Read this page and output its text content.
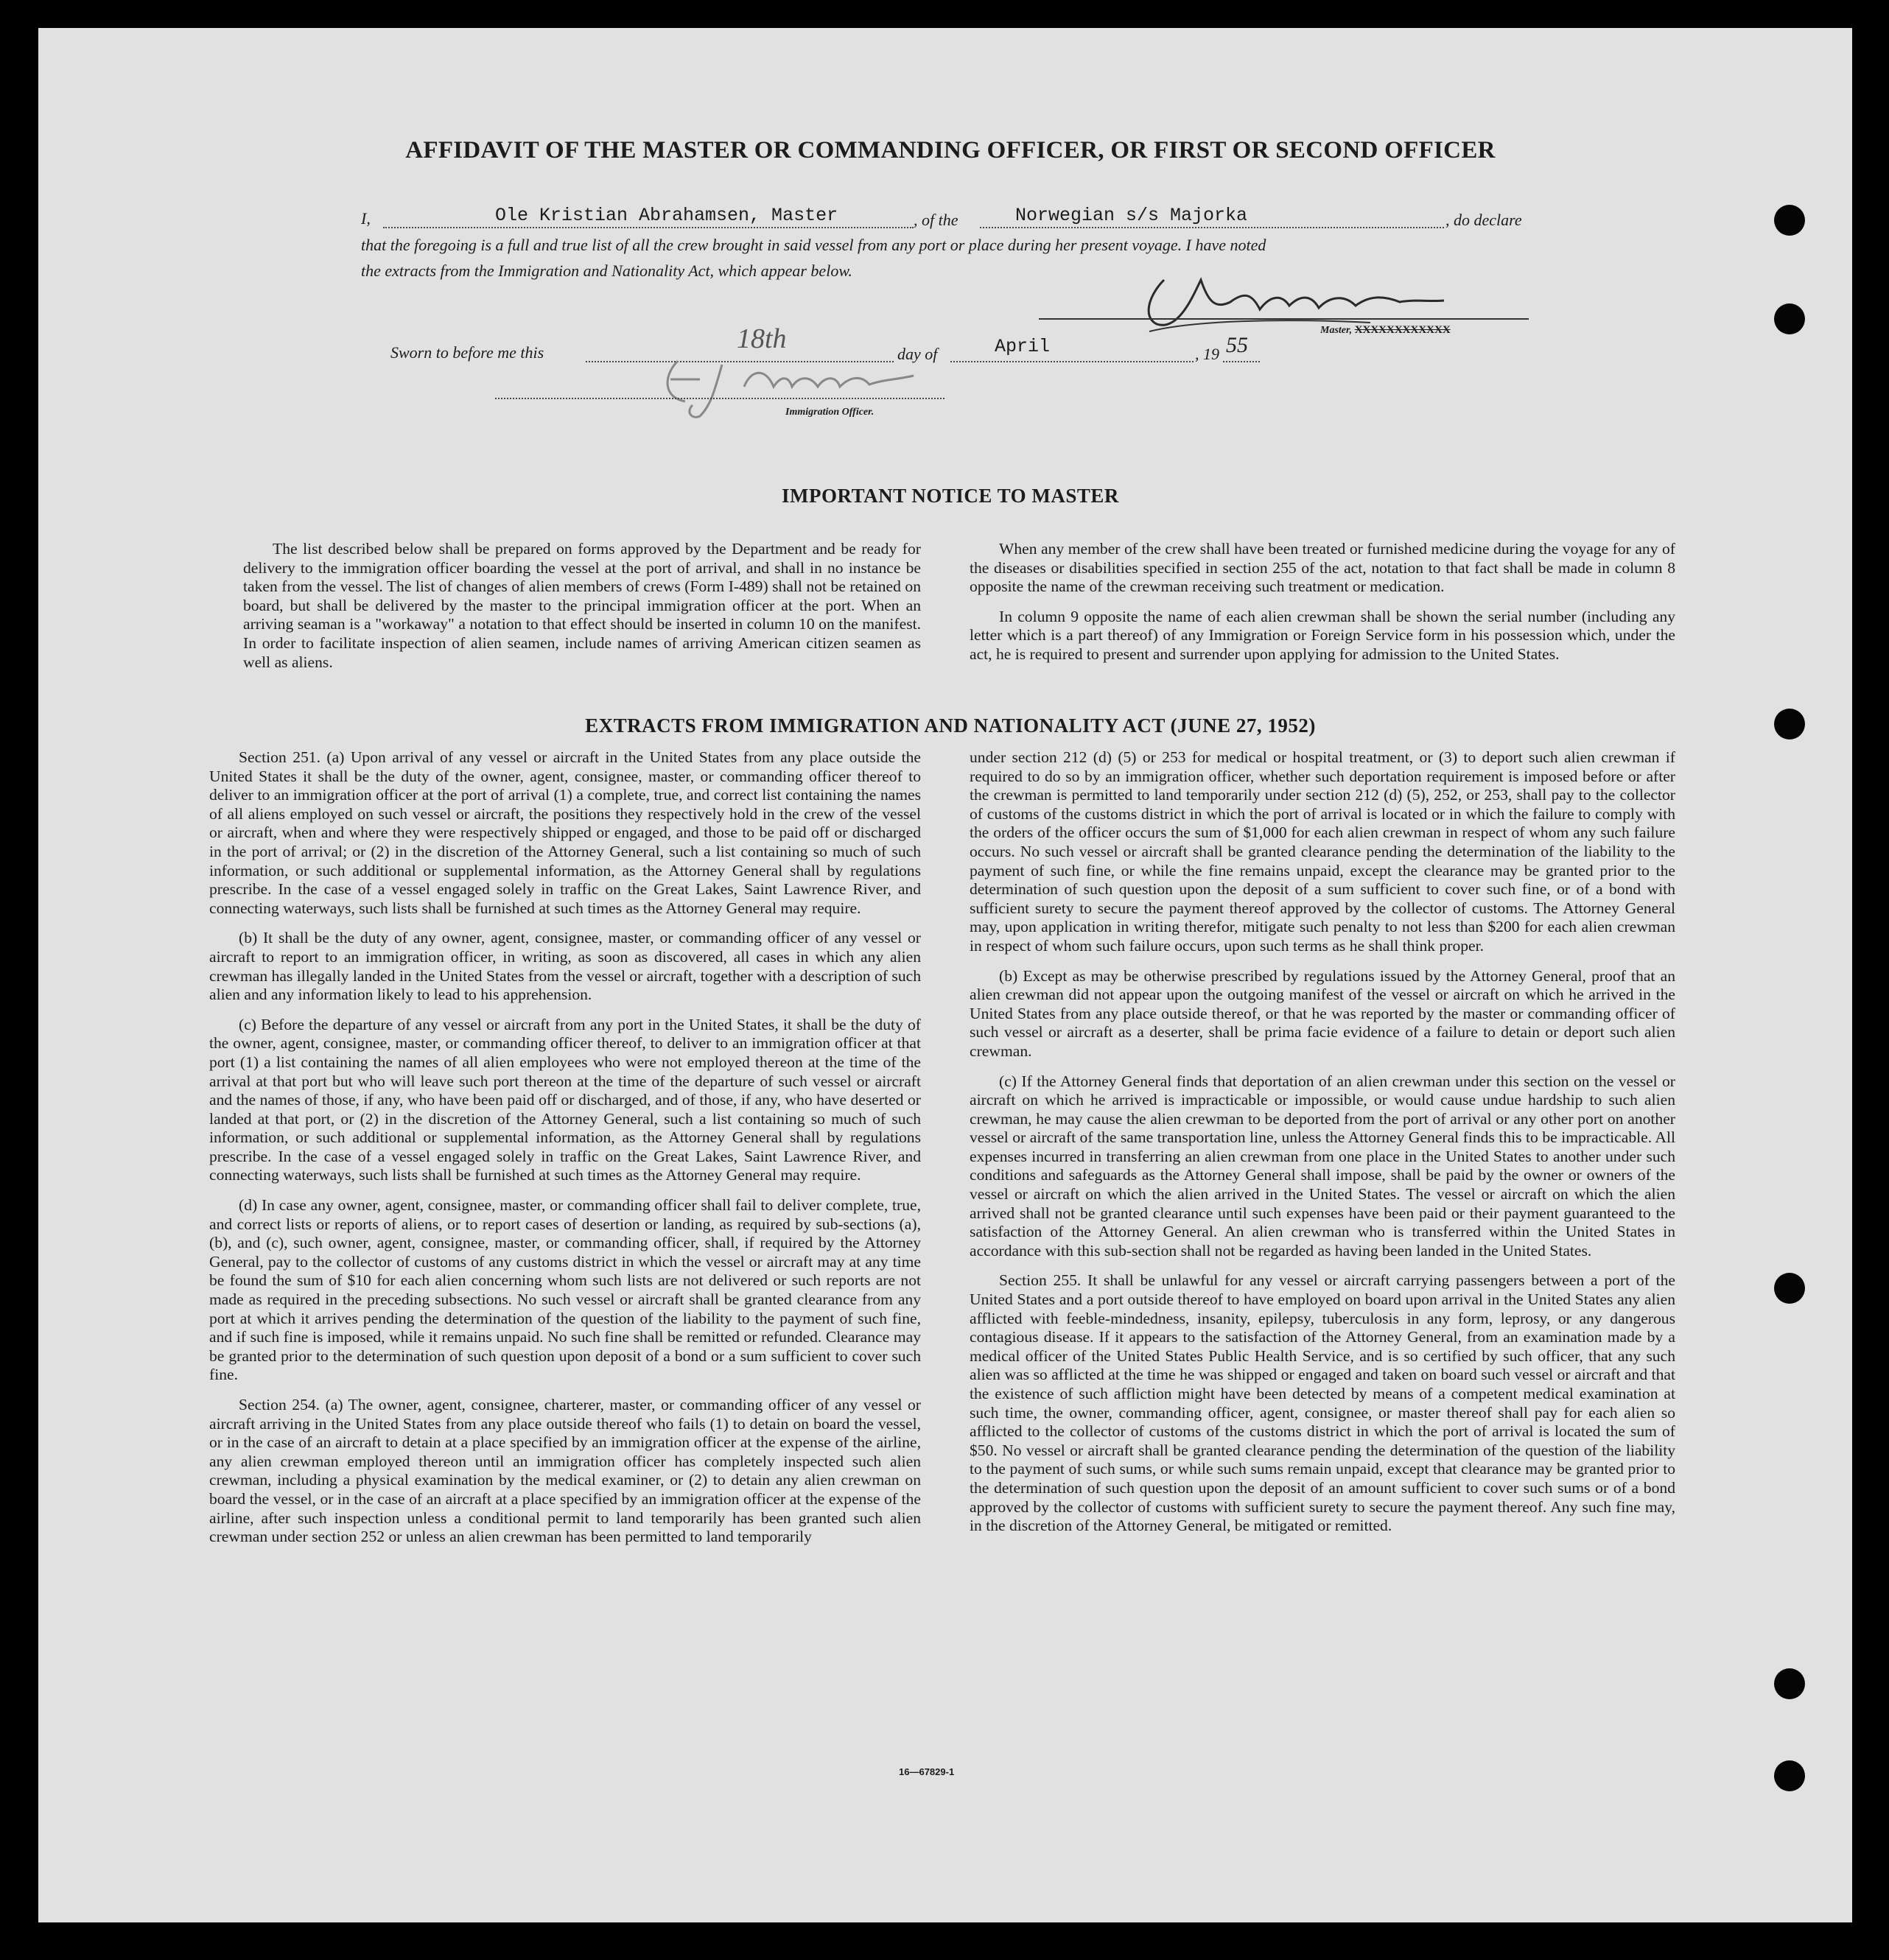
AFFIDAVIT OF THE MASTER OR COMMANDING OFFICER, OR FIRST OR SECOND OFFICER
I,	Ole Kristian Abrahamsen, Master	, of the	Norwegian s/s Majorka	, do declare
that the foregoing is a full and true list of all the crew brought in said vessel from any port or place during her present voyage. I have noted
the extracts from the Immigration and Nationality Act, which appear below.
Master, XXXXXXXXXXXX
Sworn to before me this	18th	day of	April	, 19 55
Immigration Officer.
IMPORTANT NOTICE TO MASTER

The list described below shall be prepared on forms approved by the Department and be ready for delivery to the immigration officer boarding the vessel at the port of arrival, and shall in no instance be taken from the vessel. The list of changes of alien members of crews (Form I-489) shall not be retained on board, but shall be delivered by the master to the principal immigration officer at the port. When an arriving seaman is a "workaway" a notation to that effect should be inserted in column 10 on the manifest. In order to facilitate inspection of alien seamen, include names of arriving American citizen seamen as well as aliens.

When any member of the crew shall have been treated or furnished medicine during the voyage for any of the diseases or disabilities specified in section 255 of the act, notation to that fact shall be made in column 8 opposite the name of the crewman receiving such treatment or medication.

In column 9 opposite the name of each alien crewman shall be shown the serial number (including any letter which is a part thereof) of any Immigration or Foreign Service form in his possession which, under the act, he is required to present and surrender upon applying for admission to the United States.

EXTRACTS FROM IMMIGRATION AND NATIONALITY ACT (JUNE 27, 1952)

Section 251. (a) Upon arrival of any vessel or aircraft in the United States from any place outside the United States it shall be the duty of the owner, agent, consignee, master, or commanding officer thereof to deliver to an immigration officer at the port of arrival (1) a complete, true, and correct list containing the names of all aliens employed on such vessel or aircraft, the positions they respectively hold in the crew of the vessel or aircraft, when and where they were respectively shipped or engaged, and those to be paid off or discharged in the port of arrival; or (2) in the discretion of the Attorney General, such a list containing so much of such information, or such additional or supplemental information, as the Attorney General shall by regulations prescribe. In the case of a vessel engaged solely in traffic on the Great Lakes, Saint Lawrence River, and connecting waterways, such lists shall be furnished at such times as the Attorney General may require.

(b) It shall be the duty of any owner, agent, consignee, master, or commanding officer of any vessel or aircraft to report to an immigration officer, in writing, as soon as discovered, all cases in which any alien crewman has illegally landed in the United States from the vessel or aircraft, together with a description of such alien and any information likely to lead to his apprehension.

(c) Before the departure of any vessel or aircraft from any port in the United States, it shall be the duty of the owner, agent, consignee, master, or commanding officer thereof, to deliver to an immigration officer at that port (1) a list containing the names of all alien employees who were not employed thereon at the time of the arrival at that port but who will leave such port thereon at the time of the departure of such vessel or aircraft and the names of those, if any, who have been paid off or discharged, and of those, if any, who have deserted or landed at that port, or (2) in the discretion of the Attorney General, such a list containing so much of such information, or such additional or supplemental information, as the Attorney General shall by regulations prescribe. In the case of a vessel engaged solely in traffic on the Great Lakes, Saint Lawrence River, and connecting waterways, such lists shall be furnished at such times as the Attorney General may require.

(d) In case any owner, agent, consignee, master, or commanding officer shall fail to deliver complete, true, and correct lists or reports of aliens, or to report cases of desertion or landing, as required by sub-sections (a), (b), and (c), such owner, agent, consignee, master, or commanding officer, shall, if required by the Attorney General, pay to the collector of customs of any customs district in which the vessel or aircraft may at any time be found the sum of $10 for each alien concerning whom such lists are not delivered or such reports are not made as required in the preceding subsections. No such vessel or aircraft shall be granted clearance from any port at which it arrives pending the determination of the question of the liability to the payment of such fine, and if such fine is imposed, while it remains unpaid. No such fine shall be remitted or refunded. Clearance may be granted prior to the determination of such question upon deposit of a bond or a sum sufficient to cover such fine.

Section 254. (a) The owner, agent, consignee, charterer, master, or commanding officer of any vessel or aircraft arriving in the United States from any place outside thereof who fails (1) to detain on board the vessel, or in the case of an aircraft to detain at a place specified by an immigration officer at the expense of the airline, any alien crewman employed thereon until an immigration officer has completely inspected such alien crewman, including a physical examination by the medical examiner, or (2) to detain any alien crewman on board the vessel, or in the case of an aircraft at a place specified by an immigration officer at the expense of the airline, after such inspection unless a conditional permit to land temporarily has been granted such alien crewman under section 252 or unless an alien crewman has been permitted to land temporarily

under section 212 (d) (5) or 253 for medical or hospital treatment, or (3) to deport such alien crewman if required to do so by an immigration officer, whether such deportation requirement is imposed before or after the crewman is permitted to land temporarily under section 212 (d) (5), 252, or 253, shall pay to the collector of customs of the customs district in which the port of arrival is located or in which the failure to comply with the orders of the officer occurs the sum of $1,000 for each alien crewman in respect of whom any such failure occurs. No such vessel or aircraft shall be granted clearance pending the determination of the liability to the payment of such fine, or while the fine remains unpaid, except the clearance may be granted prior to the determination of such question upon the deposit of a sum sufficient to cover such fine, or of a bond with sufficient surety to secure the payment thereof approved by the collector of customs. The Attorney General may, upon application in writing therefor, mitigate such penalty to not less than $200 for each alien crewman in respect of whom such failure occurs, upon such terms as he shall think proper.

(b) Except as may be otherwise prescribed by regulations issued by the Attorney General, proof that an alien crewman did not appear upon the outgoing manifest of the vessel or aircraft on which he arrived in the United States from any place outside thereof, or that he was reported by the master or commanding officer of such vessel or aircraft as a deserter, shall be prima facie evidence of a failure to detain or deport such alien crewman.

(c) If the Attorney General finds that deportation of an alien crewman under this section on the vessel or aircraft on which he arrived is impracticable or impossible, or would cause undue hardship to such alien crewman, he may cause the alien crewman to be deported from the port of arrival or any other port on another vessel or aircraft of the same transportation line, unless the Attorney General finds this to be impracticable. All expenses incurred in transferring an alien crewman from one place in the United States to another under such conditions and safeguards as the Attorney General shall impose, shall be paid by the owner or owners of the vessel or aircraft on which the alien arrived in the United States. The vessel or aircraft on which the alien arrived shall not be granted clearance until such expenses have been paid or their payment guaranteed to the satisfaction of the Attorney General. An alien crewman who is transferred within the United States in accordance with this sub-section shall not be regarded as having been landed in the United States.

Section 255. It shall be unlawful for any vessel or aircraft carrying passengers between a port of the United States and a port outside thereof to have employed on board upon arrival in the United States any alien afflicted with feeble-mindedness, insanity, epilepsy, tuberculosis in any form, leprosy, or any dangerous contagious disease. If it appears to the satisfaction of the Attorney General, from an examination made by a medical officer of the United States Public Health Service, and is so certified by such officer, that any such alien was so afflicted at the time he was shipped or engaged and taken on board such vessel or aircraft and that the existence of such affliction might have been detected by means of a competent medical examination at such time, the owner, commanding officer, agent, consignee, or master thereof shall pay for each alien so afflicted to the collector of customs of the customs district in which the port of arrival is located the sum of $50. No vessel or aircraft shall be granted clearance pending the determination of the question of the liability to the payment of such sums, or while such sums remain unpaid, except that clearance may be granted prior to the determination of such question upon the deposit of an amount sufficient to cover such sums or of a bond approved by the collector of customs with sufficient surety to secure the payment thereof. Any such fine may, in the discretion of the Attorney General, be mitigated or remitted.

16—67829-1
